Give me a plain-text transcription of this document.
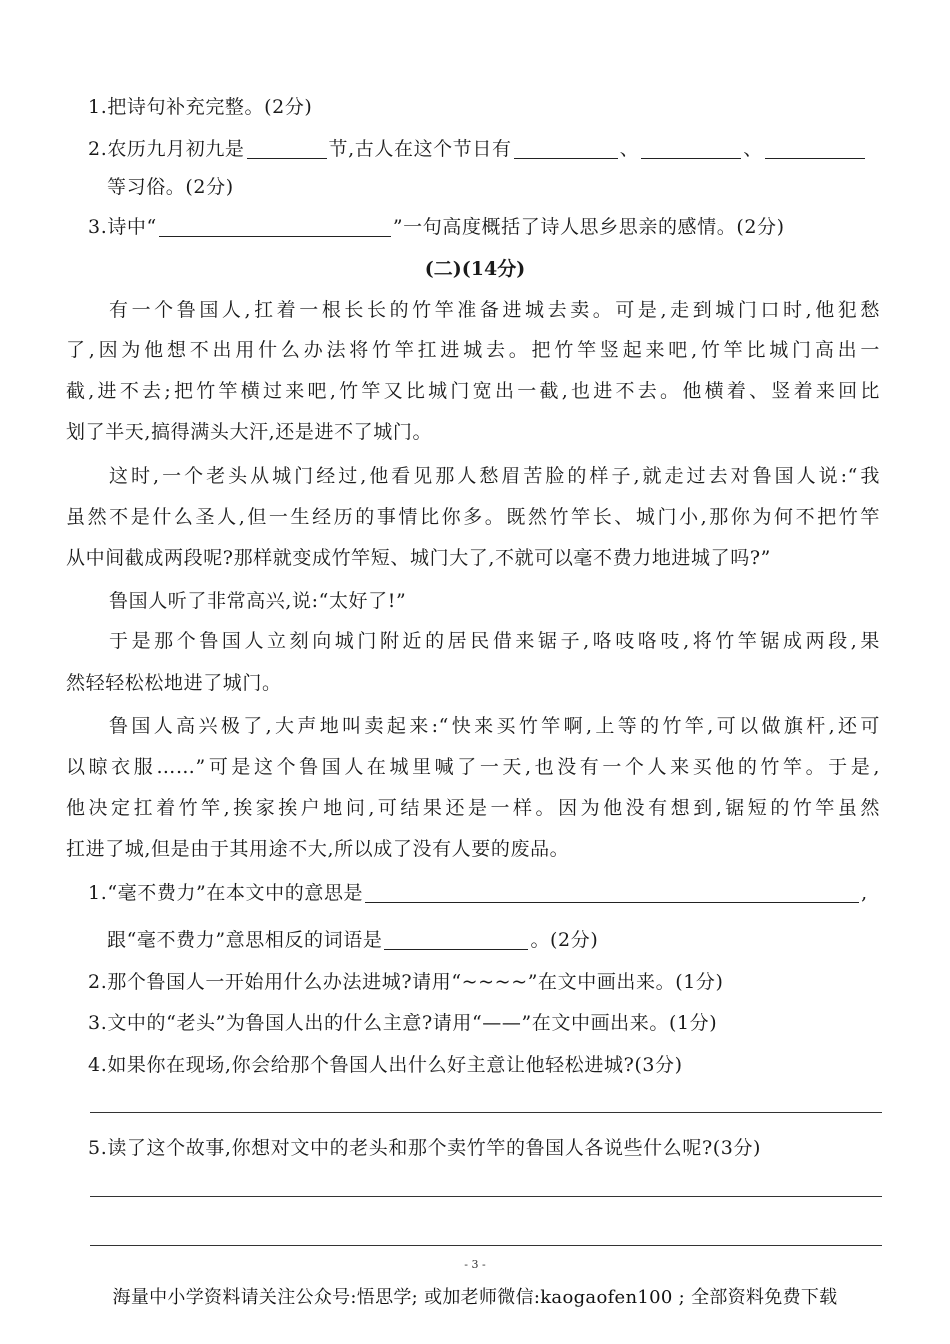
1.把诗句补充完整。(2分)
2.农历九月初九是	节,古人在这个节日有	、	、
等习俗。(2分)
3.诗中“	”一句高度概括了诗人思乡思亲的感情。(2分)
(二)(14分)
有一个鲁国人,扛着一根长长的竹竿准备进城去卖。可是,走到城门口时,他犯愁
了,因为他想不出用什么办法将竹竿扛进城去。把竹竿竖起来吧,竹竿比城门高出一
截,进不去;把竹竿横过来吧,竹竿又比城门宽出一截,也进不去。他横着、竖着来回比
划了半天,搞得满头大汗,还是进不了城门。
这时,一个老头从城门经过,他看见那人愁眉苦脸的样子,就走过去对鲁国人说:“我
虽然不是什么圣人,但一生经历的事情比你多。既然竹竿长、城门小,那你为何不把竹竿
从中间截成两段呢?那样就变成竹竿短、城门大了,不就可以毫不费力地进城了吗?”
鲁国人听了非常高兴,说:“太好了!”
于是那个鲁国人立刻向城门附近的居民借来锯子,咯吱咯吱,将竹竿锯成两段,果
然轻轻松松地进了城门。
鲁国人高兴极了,大声地叫卖起来:“快来买竹竿啊,上等的竹竿,可以做旗杆,还可
以晾衣服……”可是这个鲁国人在城里喊了一天,也没有一个人来买他的竹竿。于是,
他决定扛着竹竿,挨家挨户地问,可结果还是一样。因为他没有想到,锯短的竹竿虽然
扛进了城,但是由于其用途不大,所以成了没有人要的废品。
1.“毫不费力”在本文中的意思是	,
跟“毫不费力”意思相反的词语是	。(2分)
2.那个鲁国人一开始用什么办法进城?请用“~~~~”在文中画出来。(1分)
3.文中的“老头”为鲁国人出的什么主意?请用“——”在文中画出来。(1分)
4.如果你在现场,你会给那个鲁国人出什么好主意让他轻松进城?(3分)
5.读了这个故事,你想对文中的老头和那个卖竹竿的鲁国人各说些什么呢?(3分)
- 3 -
海量中小学资料请关注公众号:悟思学; 或加老师微信:kaogaofen100 ; 全部资料免费下载
